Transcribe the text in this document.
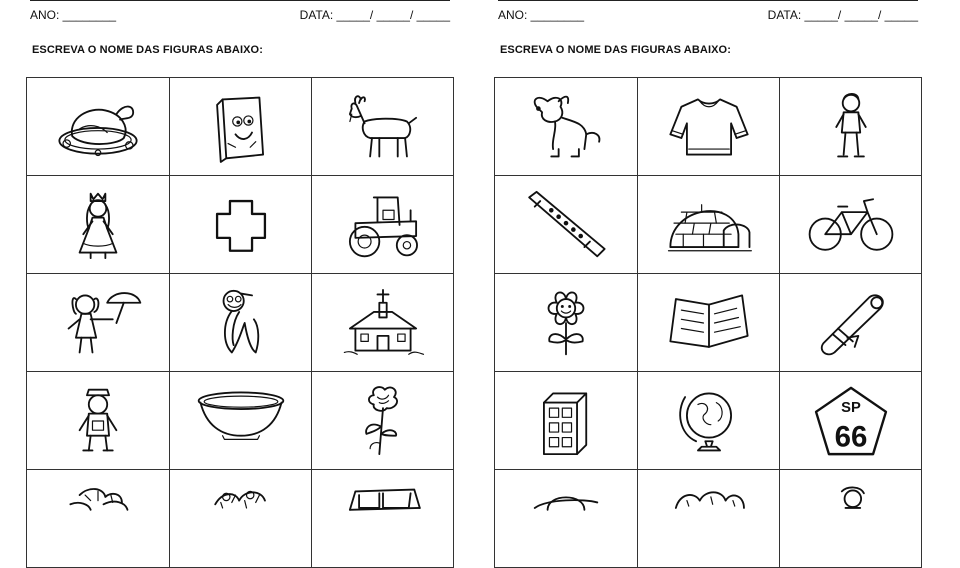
ANO: ________	DATA: _____/ _____/ _____
ESCREVA O NOME DAS FIGURAS ABAIXO:
ANO: ________	DATA: _____/ _____/ _____
ESCREVA O NOME DAS FIGURAS ABAIXO:
SP
66
